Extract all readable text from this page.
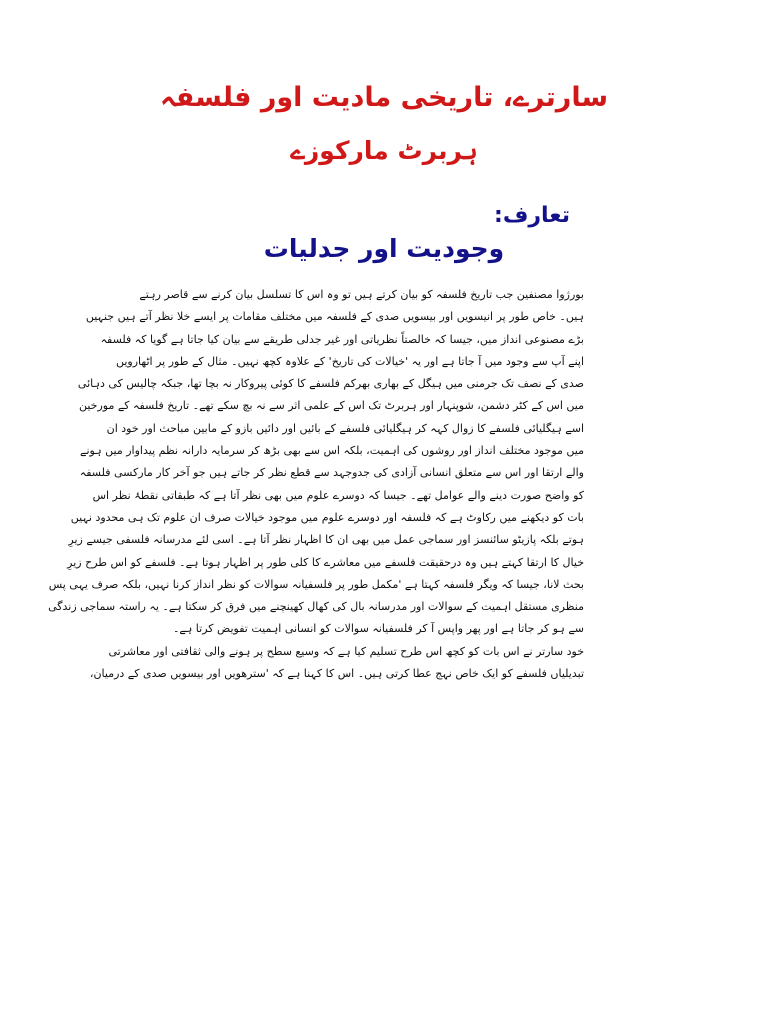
سارترے، تاریخی مادیت اور فلسفہ
ہربرٹ مارکوزے
تعارف:
وجودیت اور جدلیات
بورژوا مصنفین جب تاریخ فلسفہ کو بیان کرتے ہیں تو وہ اس کا تسلسل بیان کرنے سے قاصر رہتے
ہیں۔ خاص طور پر انیسویں اور بیسویں صدی کے فلسفہ میں مختلف مقامات پر ایسے خلا نظر آتے ہیں جنہیں
بڑے مصنوعی انداز میں، جیسا کہ خالصتاً نظریاتی اور غیر جدلی طریقے سے بیان کیا جاتا ہے گویا کہ فلسفہ
اپنے آپ سے وجود میں آ جاتا ہے اور یہ 'خیالات کی تاریخ' کے علاوہ کچھ نہیں۔ مثال کے طور پر اٹھارویں
صدی کے نصف تک جرمنی میں ہیگل کے بھاری بھرکم فلسفے کا کوئی پیروکار نہ بچا تھا، جبکہ چالیس کی دہائی
میں اس کے کٹر دشمن، شوپنہار اور ہربرٹ تک اس کے علمی اثر سے نہ بچ سکے تھے۔ تاریخ فلسفہ کے مورخین
اسے ہیگلیائی فلسفے کا زوال کہہ کر ہیگلیائی فلسفے کے بائیں اور دائیں بازو کے مابین مباحث اور خود ان
میں موجود مختلف انداز اور روشوں کی اہمیت، بلکہ اس سے بھی بڑھ کر سرمایہ دارانہ نظم پیداوار میں ہونے
والے ارتقا اور اس سے متعلق انسانی آزادی کی جدوجہد سے قطع نظر کر جاتے ہیں جو آخر کار مارکسی فلسفہ
کو واضح صورت دینے والے عوامل تھے۔ جیسا کہ دوسرے علوم میں بھی نظر آتا ہے کہ طبقاتی نقطۂ نظر اس
بات کو دیکھنے میں رکاوٹ ہے کہ فلسفہ اور دوسرے علوم میں موجود خیالات صرف ان علوم تک ہی محدود نہیں
ہوتے بلکہ پازیٹو سائنسز اور سماجی عمل میں بھی ان کا اظہار نظر آتا ہے۔ اسی لئے مدرسانہ فلسفی جیسے زیرِ
خیال کا ارتقا کہتے ہیں وہ درحقیقت فلسفے میں معاشرے کا کلی طور پر اظہار ہوتا ہے۔ فلسفے کو اس طرح زیرِ
بحث لانا، جیسا کہ ویگر فلسفہ کہتا ہے 'مکمل طور پر فلسفیانہ سوالات کو نظر انداز کرنا نہیں، بلکہ صرف یہی پس
منظری مستقل اہمیت کے سوالات اور مدرسانہ بال کی کھال کھینچنے میں فرق کر سکتا ہے۔ یہ راستہ سماجی زندگی
سے ہو کر جاتا ہے اور پھر واپس آ کر فلسفیانہ سوالات کو انسانی اہمیت تفویض کرتا ہے۔
خود سارتر نے اس بات کو کچھ اس طرح تسلیم کیا ہے کہ وسیع سطح پر ہونے والی ثقافتی اور معاشرتی
تبدیلیاں فلسفے کو ایک خاص نہج عطا کرتی ہیں۔ اس کا کہنا ہے کہ 'سترھویں اور بیسویں صدی کے درمیان،
